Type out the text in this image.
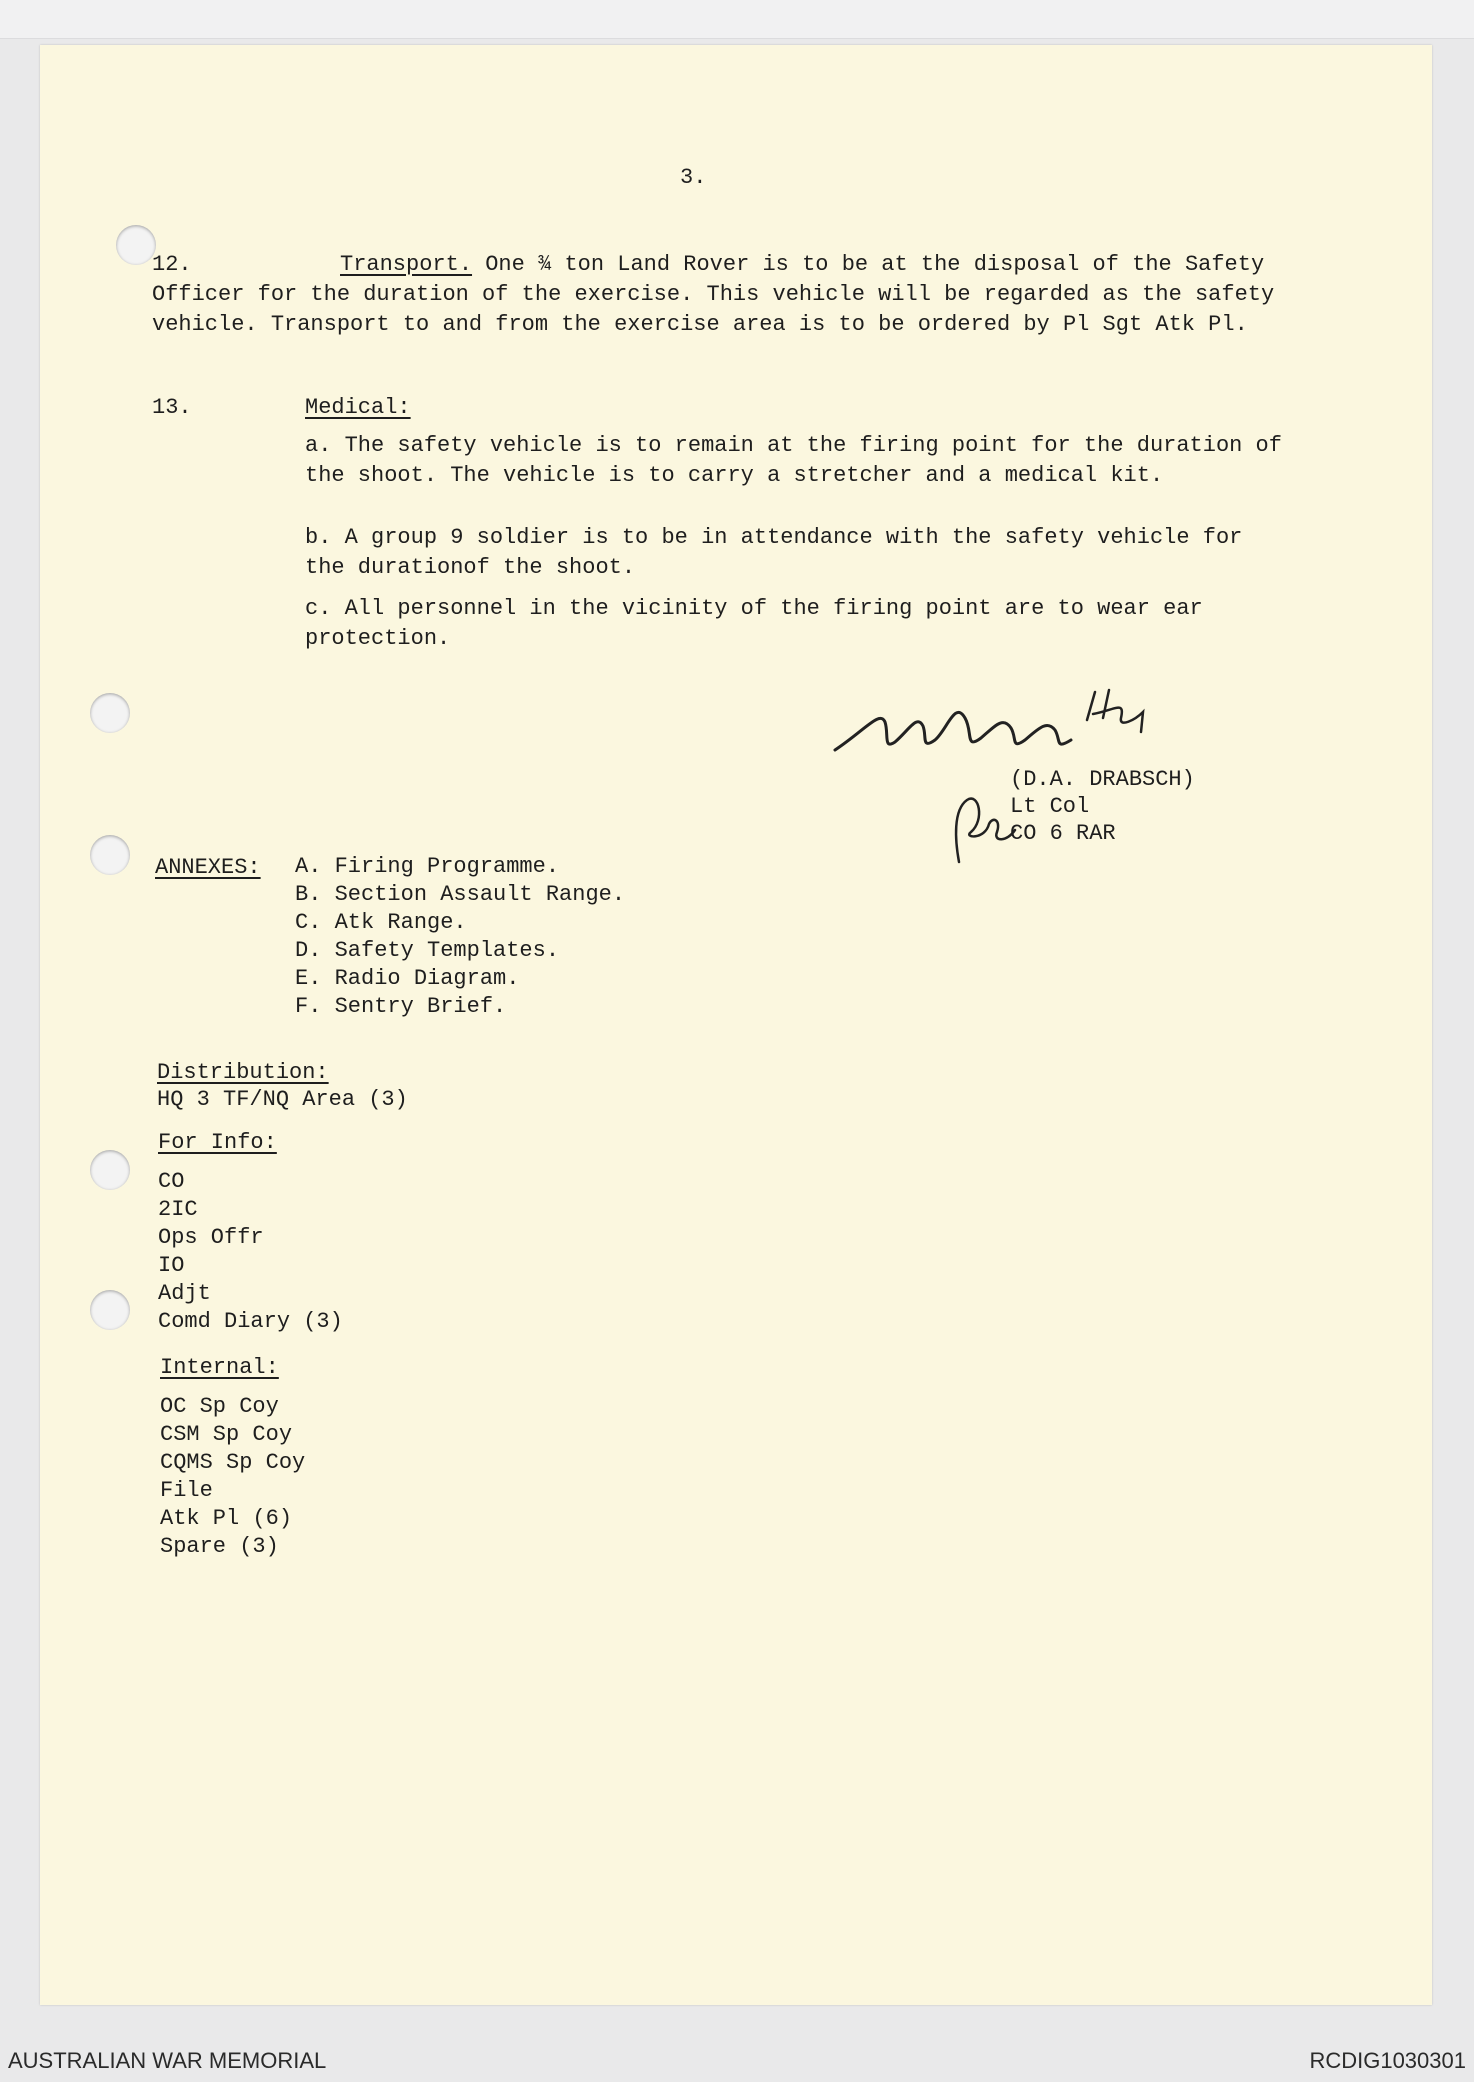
3.
12.	Transport. One ¾ ton Land Rover is to be at the disposal of the Safety Officer for the duration of the exercise. This vehicle will be regarded as the safety vehicle. Transport to and from the exercise area is to be ordered by Pl Sgt Atk Pl.
13.	Medical:
a. The safety vehicle is to remain at the firing point for the duration of the shoot. The vehicle is to carry a stretcher and a medical kit.
b. A group 9 soldier is to be in attendance with the safety vehicle for the durationof the shoot.
c. All personnel in the vicinity of the firing point are to wear ear protection.
(D.A. DRABSCH)
Lt Col
CO 6 RAR
ANNEXES: A. Firing Programme.
B. Section Assault Range.
C. Atk Range.
D. Safety Templates.
E. Radio Diagram.
F. Sentry Brief.
Distribution:
HQ 3 TF/NQ Area (3)
For Info:
CO
2IC
Ops Offr
IO
Adjt
Comd Diary (3)
Internal:
OC Sp Coy
CSM Sp Coy
CQMS Sp Coy
File
Atk Pl (6)
Spare (3)
AUSTRALIAN WAR MEMORIAL	RCDIG1030301
